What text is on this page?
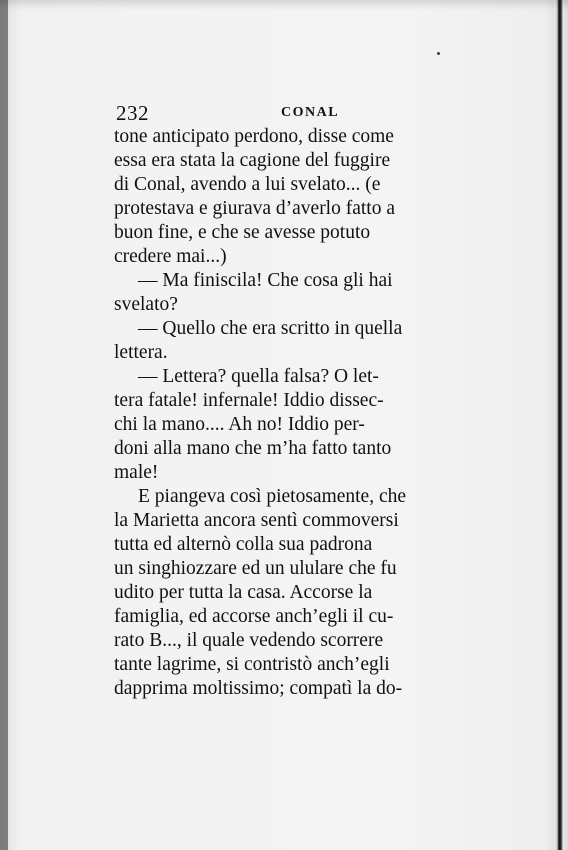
232	CONAL
tone anticipato perdono, disse come
essa era stata la cagione del fuggire
di Conal, avendo a lui svelato... (e
protestava e giurava d’averlo fatto a
buon fine, e che se avesse potuto
credere mai...)
— Ma finiscila! Che cosa gli hai
svelato?
— Quello che era scritto in quella
lettera.
— Lettera? quella falsa? O let-
tera fatale! infernale! Iddio dissec-
chi la mano.... Ah no! Iddio per-
doni alla mano che m’ha fatto tanto
male!
E piangeva così pietosamente, che
la Marietta ancora sentì commoversi
tutta ed alternò colla sua padrona
un singhiozzare ed un ululare che fu
udito per tutta la casa. Accorse la
famiglia, ed accorse anch’egli il cu-
rato B..., il quale vedendo scorrere
tante lagrime, si contristò anch’egli
dapprima moltissimo; compatì la do-
